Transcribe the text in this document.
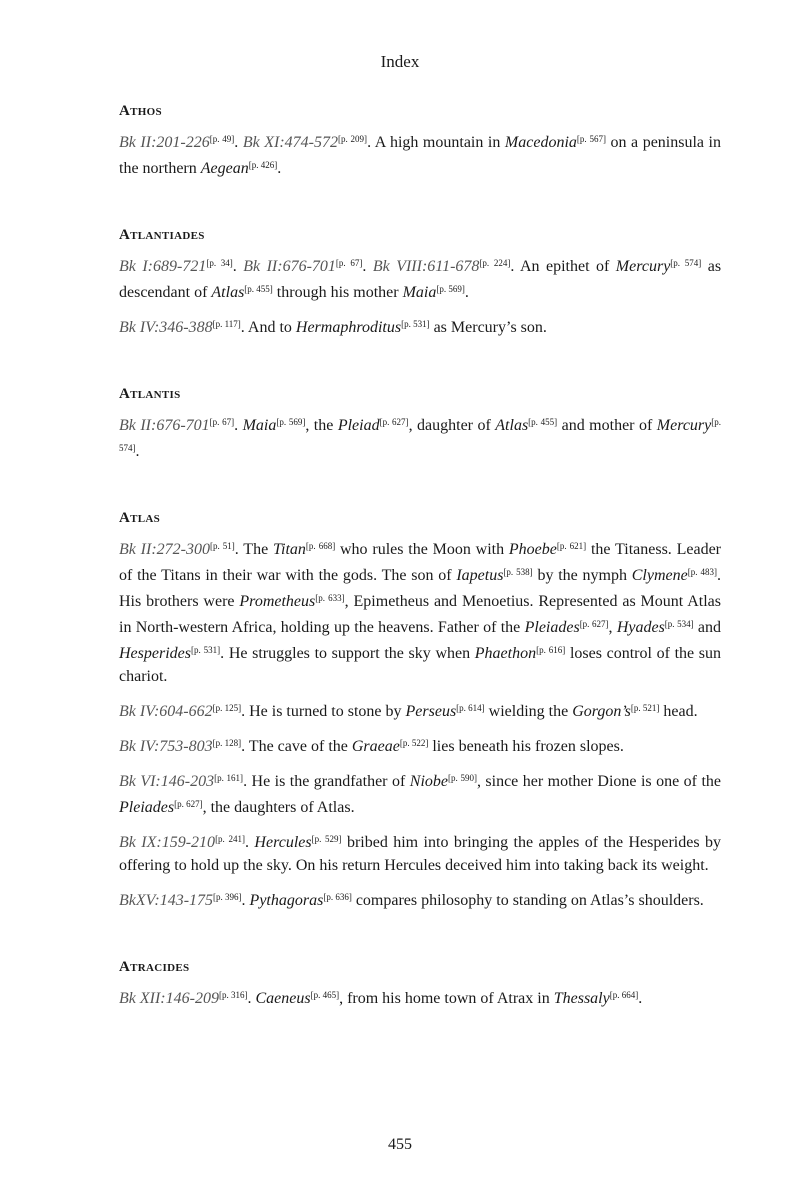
Index
Athos

Bk II:201-226[p. 49]. Bk XI:474-572[p. 209]. A high mountain in Macedonia[p. 567] on a peninsula in the northern Aegean[p. 426].

Atlantiades

Bk I:689-721[p. 34]. Bk II:676-701[p. 67]. Bk VIII:611-678[p. 224]. An epithet of Mercury[p. 574] as descendant of Atlas[p. 455] through his mother Maia[p. 569].

Bk IV:346-388[p. 117]. And to Hermaphroditus[p. 531] as Mercury’s son.

Atlantis

Bk II:676-701[p. 67]. Maia[p. 569], the Pleiad[p. 627], daughter of Atlas[p. 455] and mother of Mercury[p. 574].

Atlas

Bk II:272-300[p. 51]. The Titan[p. 668] who rules the Moon with Phoebe[p. 621] the Titaness. Leader of the Titans in their war with the gods. The son of Iapetus[p. 538] by the nymph Clymene[p. 483]. His brothers were Prometheus[p. 633], Epimetheus and Menoetius. Represented as Mount Atlas in North-western Africa, holding up the heavens. Father of the Pleiades[p. 627], Hyades[p. 534] and Hesperides[p. 531]. He struggles to support the sky when Phaethon[p. 616] loses control of the sun chariot.

Bk IV:604-662[p. 125]. He is turned to stone by Perseus[p. 614] wielding the Gorgon’s[p. 521] head.

Bk IV:753-803[p. 128]. The cave of the Graeae[p. 522] lies beneath his frozen slopes.

Bk VI:146-203[p. 161]. He is the grandfather of Niobe[p. 590], since her mother Dione is one of the Pleiades[p. 627], the daughters of Atlas.

Bk IX:159-210[p. 241]. Hercules[p. 529] bribed him into bringing the apples of the Hesperides by offering to hold up the sky. On his return Hercules deceived him into taking back its weight.

BkXV:143-175[p. 396]. Pythagoras[p. 636] compares philosophy to standing on Atlas’s shoulders.

Atracides

Bk XII:146-209[p. 316]. Caeneus[p. 465], from his home town of Atrax in Thessaly[p. 664].

455
